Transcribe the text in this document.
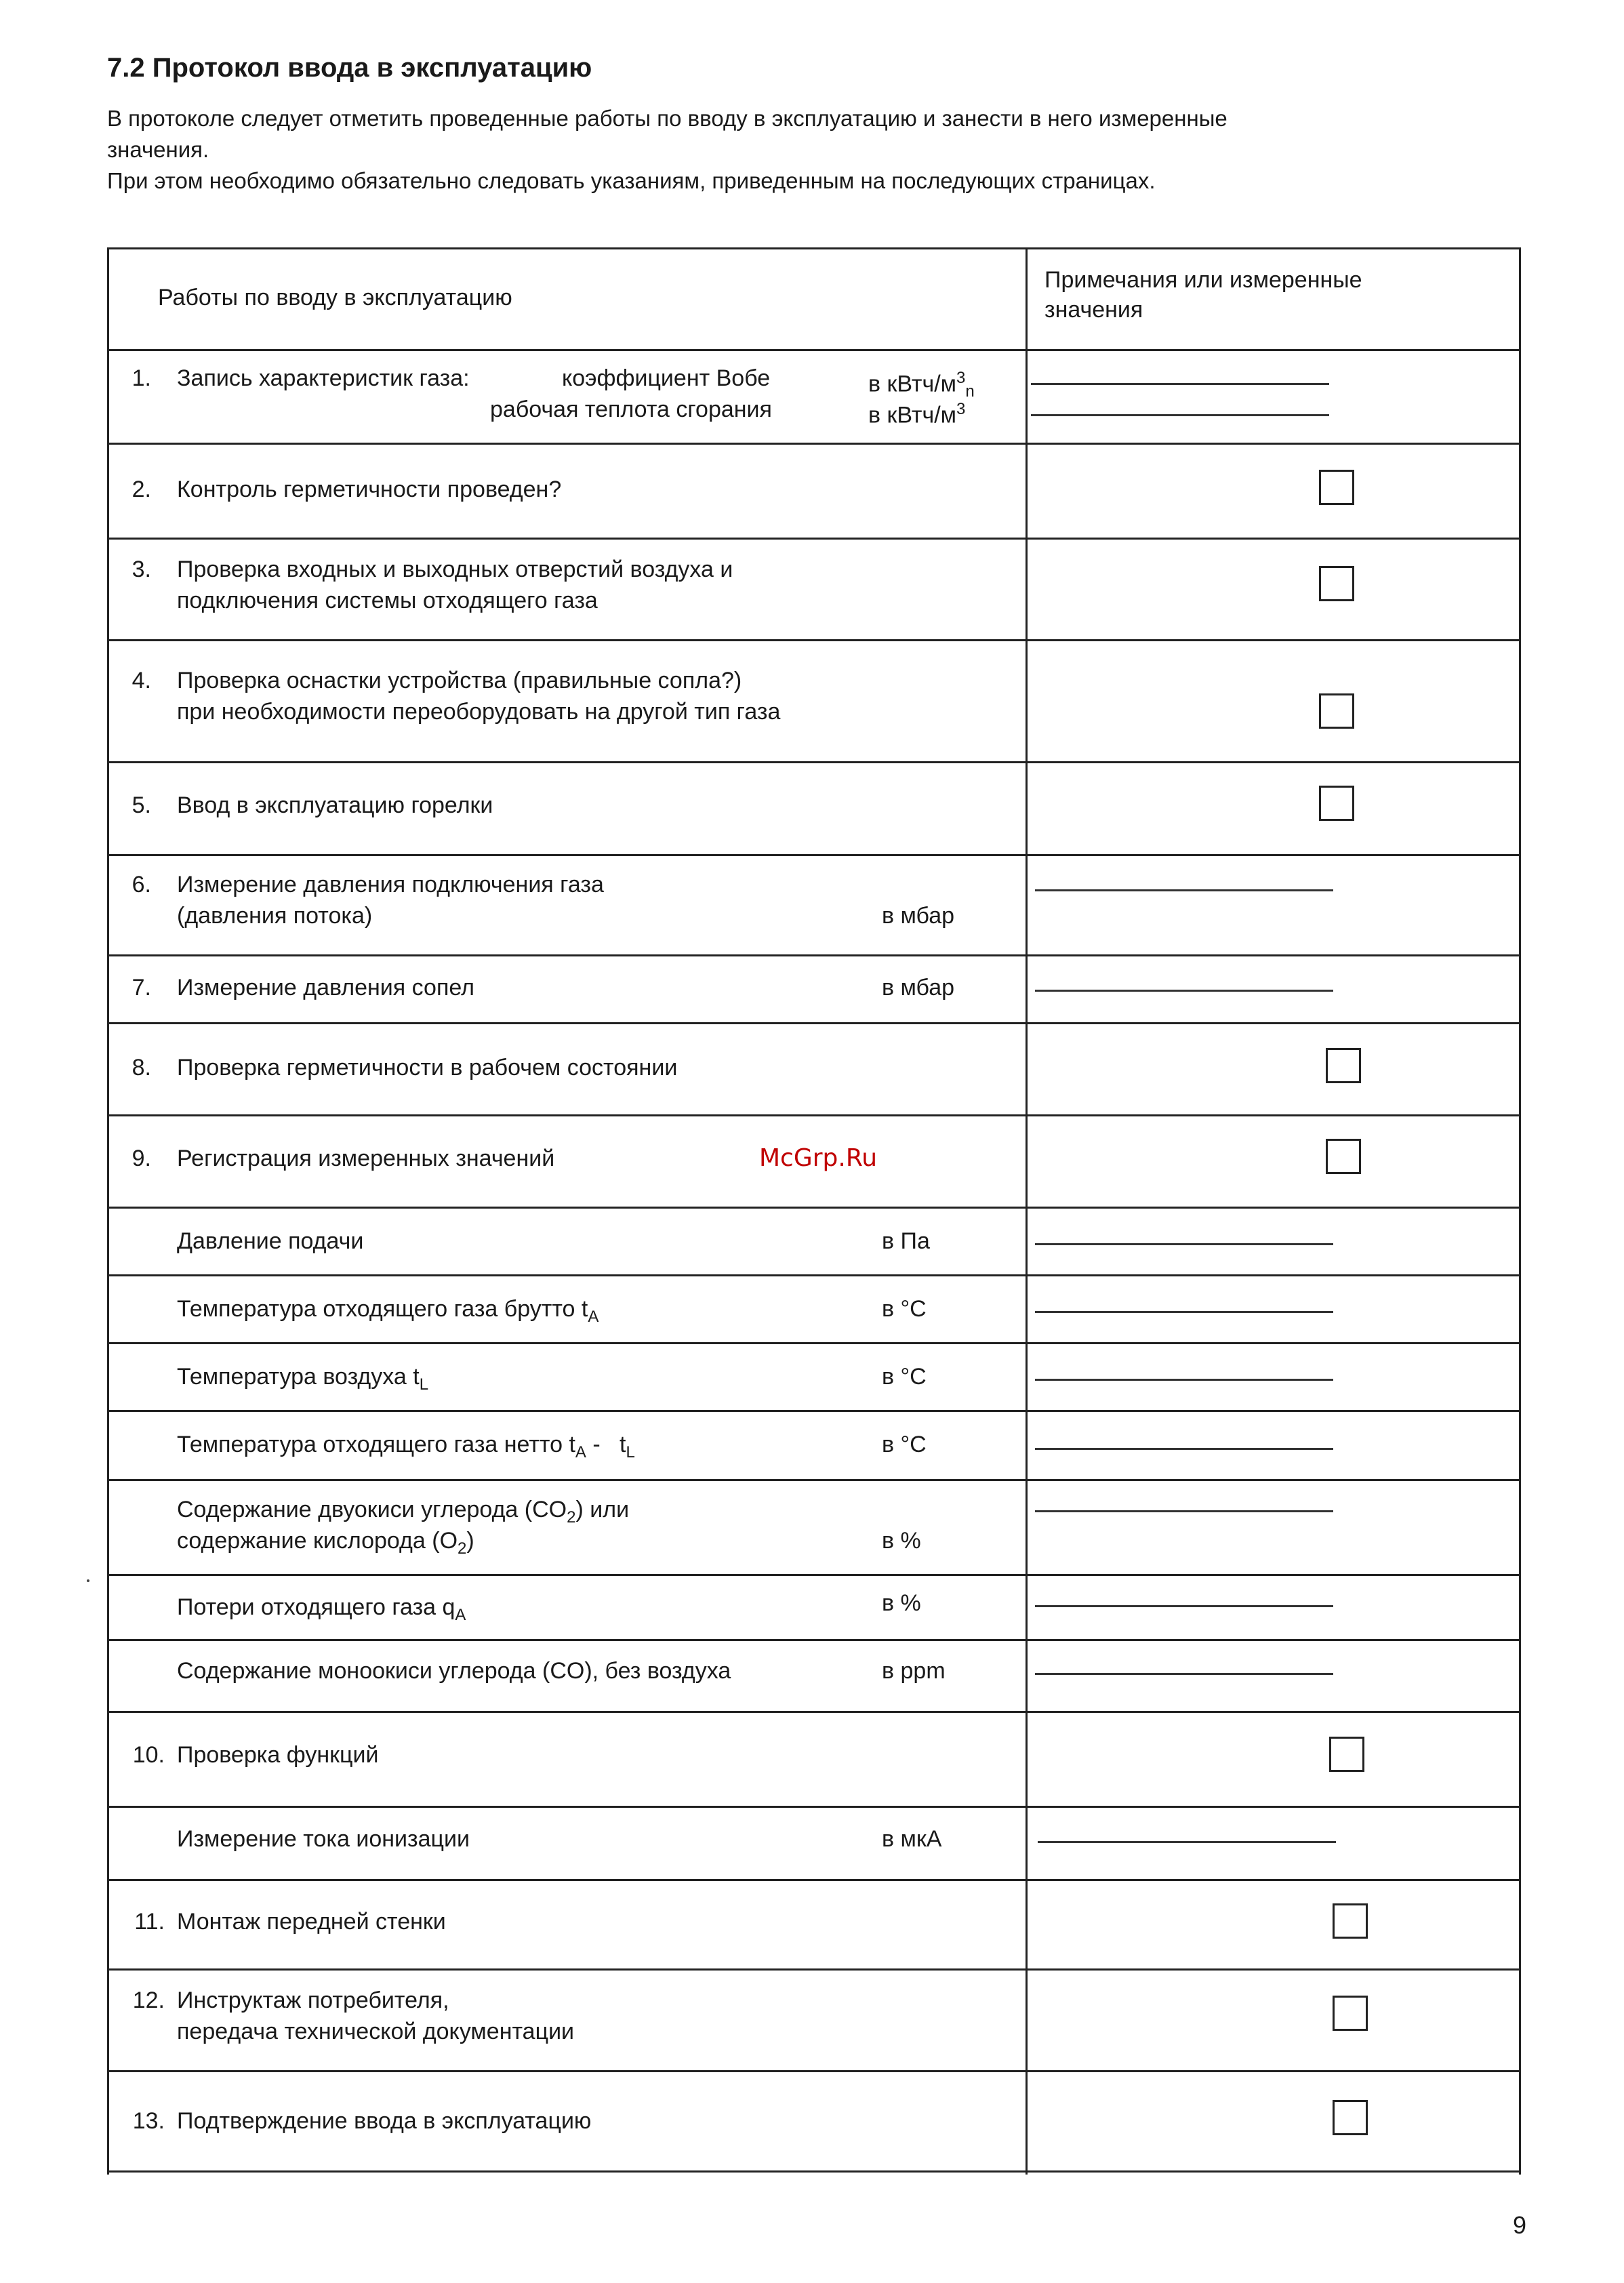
7.2 Протокол ввода в эксплуатацию
В протоколе следует отметить проведенные работы по вводу в эксплуатацию и занести в него измеренные
значения.
При этом необходимо обязательно следовать указаниям, приведенным на последующих страницах.
Работы по вводу в эксплуатацию
Примечания или измеренные
значения
1. Запись характеристик газа:	коэффициент Вобе
рабочая теплота сгорания
в кВтч/$м^3_n$
в кВтч/$м^3$
2. Контроль герметичности проведен?
3. Проверка входных и выходных отверстий воздуха и
подключения системы отходящего газа
4. Проверка оснастки устройства (правильные сопла?)
при необходимости переоборудовать на другой тип газа
5. Ввод в эксплуатацию горелки
6. Измерение давления подключения газа
(давления потока)	в мбар
7. Измерение давления сопел	в мбар
8. Проверка герметичности в рабочем состоянии
9. Регистрация измеренных значений
Давление подачи	в Па
Температура отходящего газа брутто $t_A$	в °C
Температура воздуха $t_L$	в °C
Температура отходящего газа нетто $t_A - t_L$	в °C
Содержание двуокиси углерода $(CO_2)$ или
содержание кислорода $(O_2)$	в %
Потери отходящего газа $q_A$	в %
Содержание моноокиси углерода (CO), без воздуха	в ppm
10. Проверка функций
Измерение тока ионизации	в мкА
11. Монтаж передней стенки
12. Инструктаж потребителя,
передача технической документации
13. Подтверждение ввода в эксплуатацию
McGrp.Ru
9
